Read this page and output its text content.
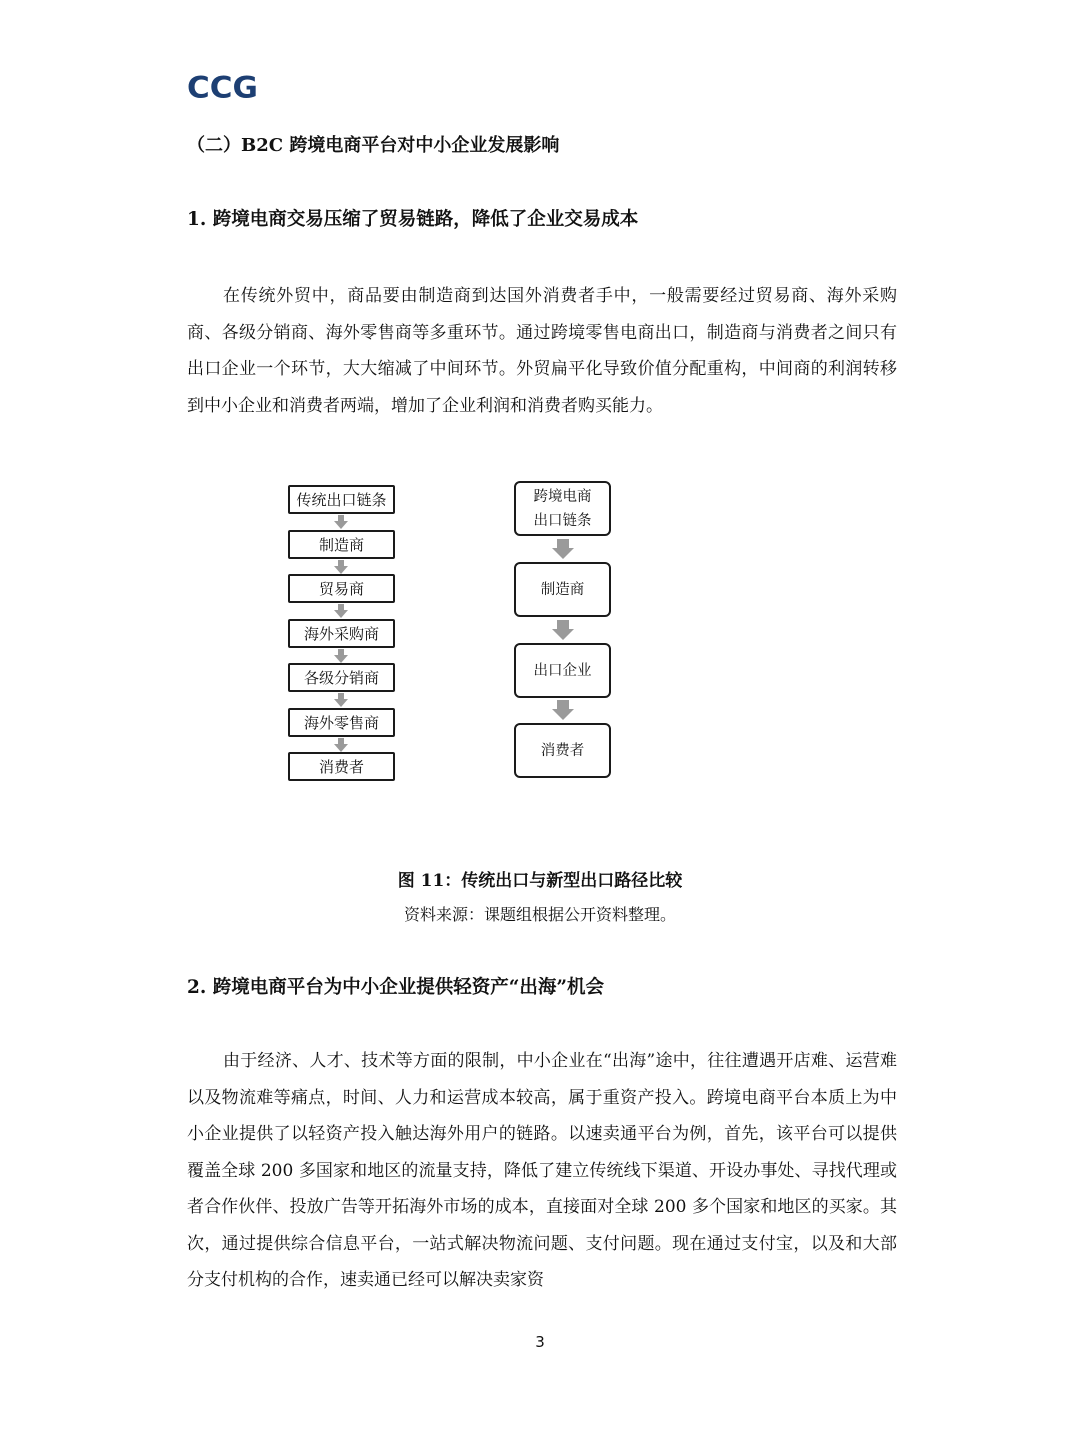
CCG
（二）B2C 跨境电商平台对中小企业发展影响
1. 跨境电商交易压缩了贸易链路，降低了企业交易成本

在传统外贸中，商品要由制造商到达国外消费者手中，一般需要经过贸易商、海外采购商、各级分销商、海外零售商等多重环节。通过跨境零售电商出口，制造商与消费者之间只有出口企业一个环节，大大缩减了中间环节。外贸扁平化导致价值分配重构，中间商的利润转移到中小企业和消费者两端，增加了企业利润和消费者购买能力。

传统出口链条
制造商
贸易商
海外采购商
各级分销商
海外零售商
消费者
跨境电商
出口链条
制造商
出口企业
消费者
图 11：传统出口与新型出口路径比较
资料来源：课题组根据公开资料整理。
2. 跨境电商平台为中小企业提供轻资产“出海”机会

由于经济、人才、技术等方面的限制，中小企业在“出海”途中，往往遭遇开店难、运营难以及物流难等痛点，时间、人力和运营成本较高，属于重资产投入。跨境电商平台本质上为中小企业提供了以轻资产投入触达海外用户的链路。以速卖通平台为例，首先，该平台可以提供覆盖全球 200 多国家和地区的流量支持，降低了建立传统线下渠道、开设办事处、寻找代理或者合作伙伴、投放广告等开拓海外市场的成本，直接面对全球 200 多个国家和地区的买家。其次，通过提供综合信息平台，一站式解决物流问题、支付问题。现在通过支付宝，以及和大部分支付机构的合作，速卖通已经可以解决卖家资

3
